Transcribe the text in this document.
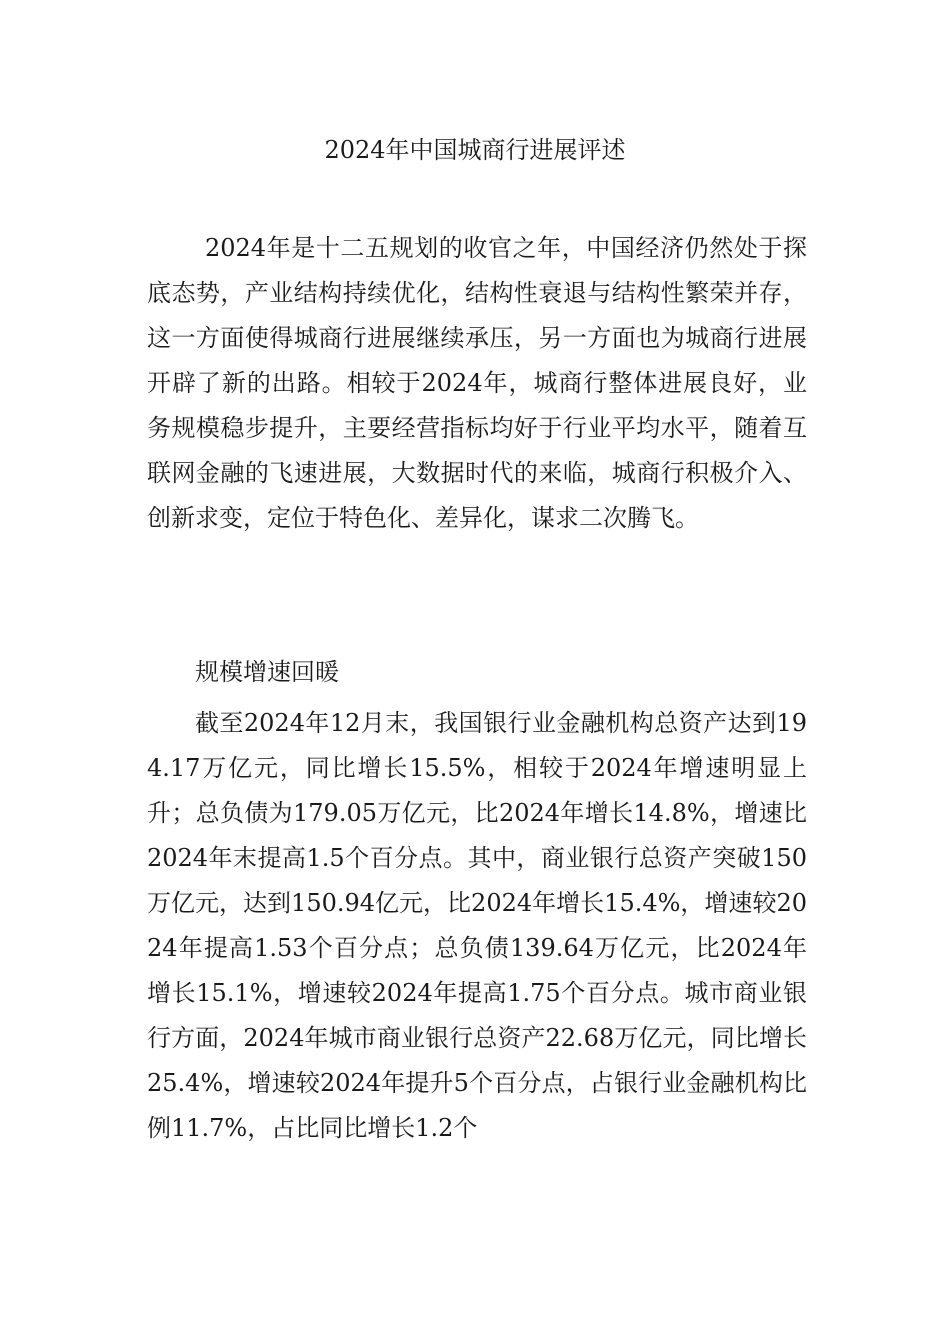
2024年中国城商行进展评述

2024年是十二五规划的收官之年，中国经济仍然处于探底态势，产业结构持续优化，结构性衰退与结构性繁荣并存，这一方面使得城商行进展继续承压，另一方面也为城商行进展开辟了新的出路。相较于2024年，城商行整体进展良好，业务规模稳步提升，主要经营指标均好于行业平均水平，随着互联网金融的飞速进展，大数据时代的来临，城商行积极介入、创新求变，定位于特色化、差异化，谋求二次腾飞。

规模增速回暖

截至2024年12月末，我国银行业金融机构总资产达到194.17万亿元，同比增长15.5%，相较于2024年增速明显上升；总负债为179.05万亿元，比2024年增长14.8%，增速比2024年末提高1.5个百分点。其中，商业银行总资产突破150万亿元，达到150.94亿元，比2024年增长15.4%，增速较2024年提高1.53个百分点；总负债139.64万亿元，比2024年增长15.1%，增速较2024年提高1.75个百分点。城市商业银行方面，2024年城市商业银行总资产22.68万亿元，同比增长25.4%，增速较2024年提升5个百分点，占银行业金融机构比例11.7%，占比同比增长1.2个
